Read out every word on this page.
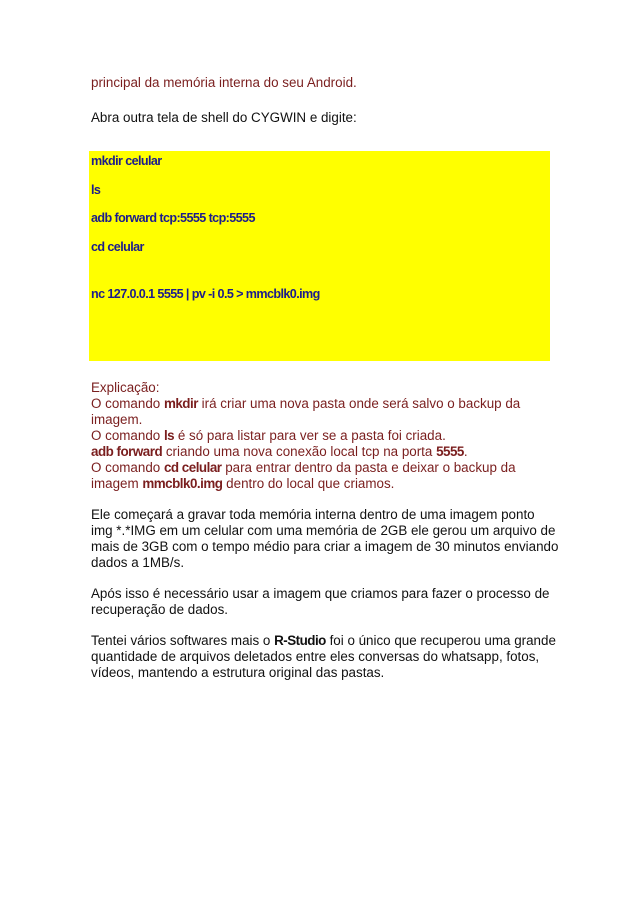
principal da memória interna do seu Android.
Abra outra tela de shell do CYGWIN e digite:
mkdir celular
ls
adb forward tcp:5555 tcp:5555
cd celular
nc 127.0.0.1 5555 | pv -i 0.5 > mmcblk0.img
Explicação:
O comando mkdir irá criar uma nova pasta onde será salvo o backup da
imagem.
O comando ls é só para listar para ver se a pasta foi criada.
adb forward criando uma nova conexão local tcp na porta 5555.
O comando cd celular para entrar dentro da pasta e deixar o backup da
imagem mmcblk0.img dentro do local que criamos.
Ele começará a gravar toda memória interna dentro de uma imagem ponto
img *.*IMG em um celular com uma memória de 2GB ele gerou um arquivo de
mais de 3GB com o tempo médio para criar a imagem de 30 minutos enviando
dados a 1MB/s.
Após isso é necessário usar a imagem que criamos para fazer o processo de
recuperação de dados.
Tentei vários softwares mais o R-Studio foi o único que recuperou uma grande
quantidade de arquivos deletados entre eles conversas do whatsapp, fotos,
vídeos, mantendo a estrutura original das pastas.
